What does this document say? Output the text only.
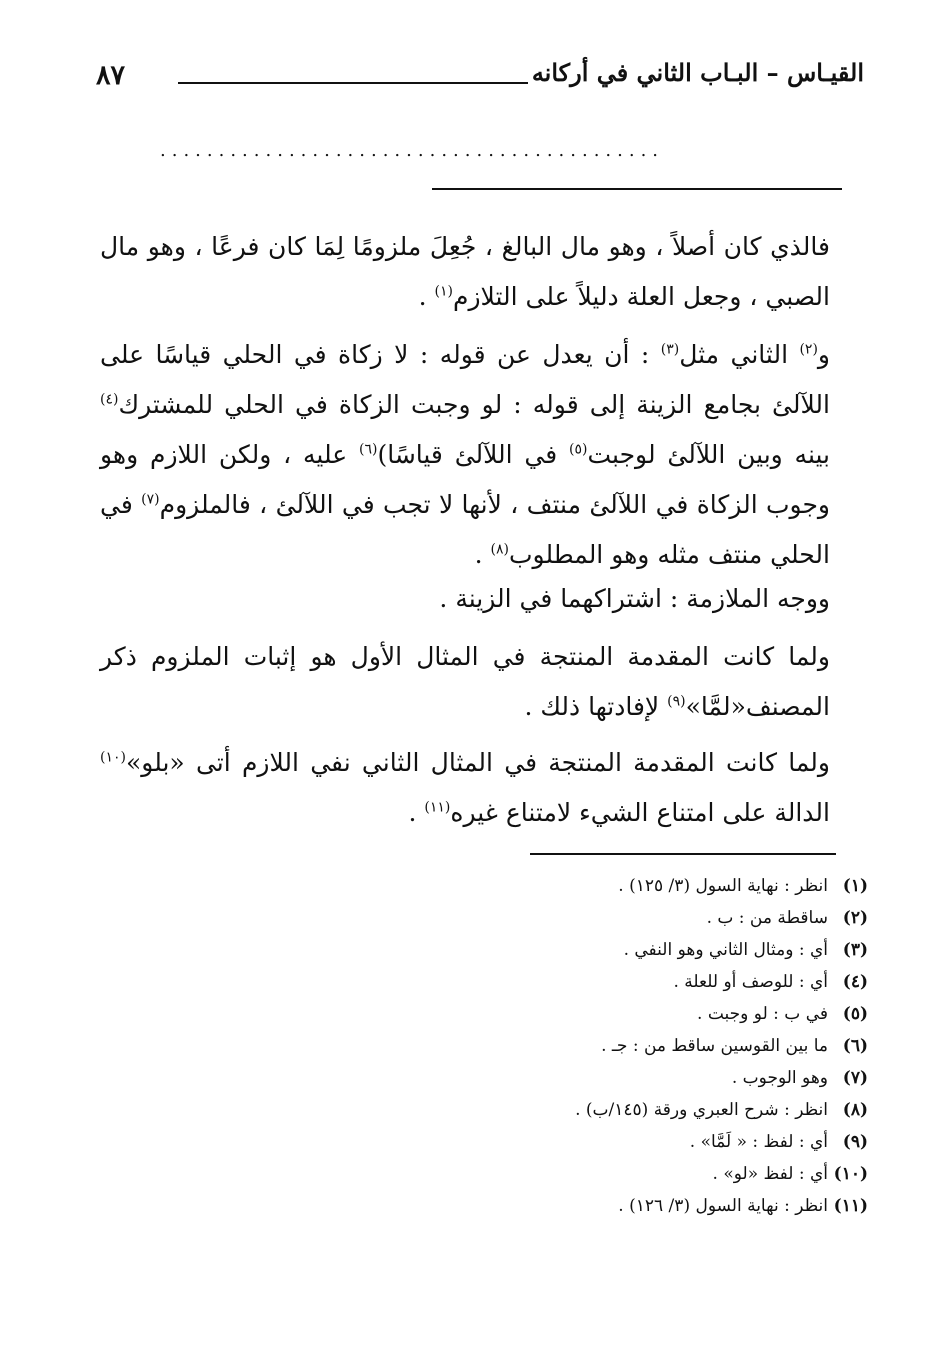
القيـاس – البـاب الثاني في أركانه
٨٧
...........................................

فالذي كان أصلاً ، وهو مال البالغ ، جُعِلَ ملزومًا لِمَا كان فرعًا ، وهو مال الصبي ، وجعل العلة دليلاً على التلازم$^{(١)}$ .

و$^{(٢)}$ الثاني مثل$^{(٣)}$ : أن يعدل عن قوله : لا زكاة في الحلي قياسًا على اللآلئ بجامع الزينة إلى قوله : لو وجبت الزكاة في الحلي للمشترك$^{(٤)}$ بينه وبين اللآلئ لوجبت$^{(٥)}$ في اللآلئ قياسًا)$^{(٦)}$ عليه ، ولكن اللازم وهو وجوب الزكاة في اللآلئ منتف ، لأنها لا تجب في اللآلئ ، فالملزوم$^{(٧)}$ في الحلي منتف مثله وهو المطلوب$^{(٨)}$ .

ووجه الملازمة : اشتراكهما في الزينة .

ولما كانت المقدمة المنتجة في المثال الأول هو إثبات الملزوم ذكر المصنف«لمَّا»$^{(٩)}$ لإفادتها ذلك .

ولما كانت المقدمة المنتجة في المثال الثاني نفي اللازم أتى «بلو»$^{(١٠)}$ الدالة على امتناع الشيء لامتناع غيره$^{(١١)}$ .

(١)انظر : نهاية السول (٣/ ١٢٥) .
(٢)ساقطة من : ب .
(٣)أي : ومثال الثاني وهو النفي .
(٤)أي : للوصف أو للعلة .
(٥)في ب : لو وجبت .
(٦)ما بين القوسين ساقط من : جـ .
(٧)وهو الوجوب .
(٨)انظر : شرح العبري ورقة (١٤٥/ب) .
(٩)أي : لفظ : « لَمَّا» .
(١٠)أي : لفظ «لو» .
(١١)انظر : نهاية السول (٣/ ١٢٦) .
